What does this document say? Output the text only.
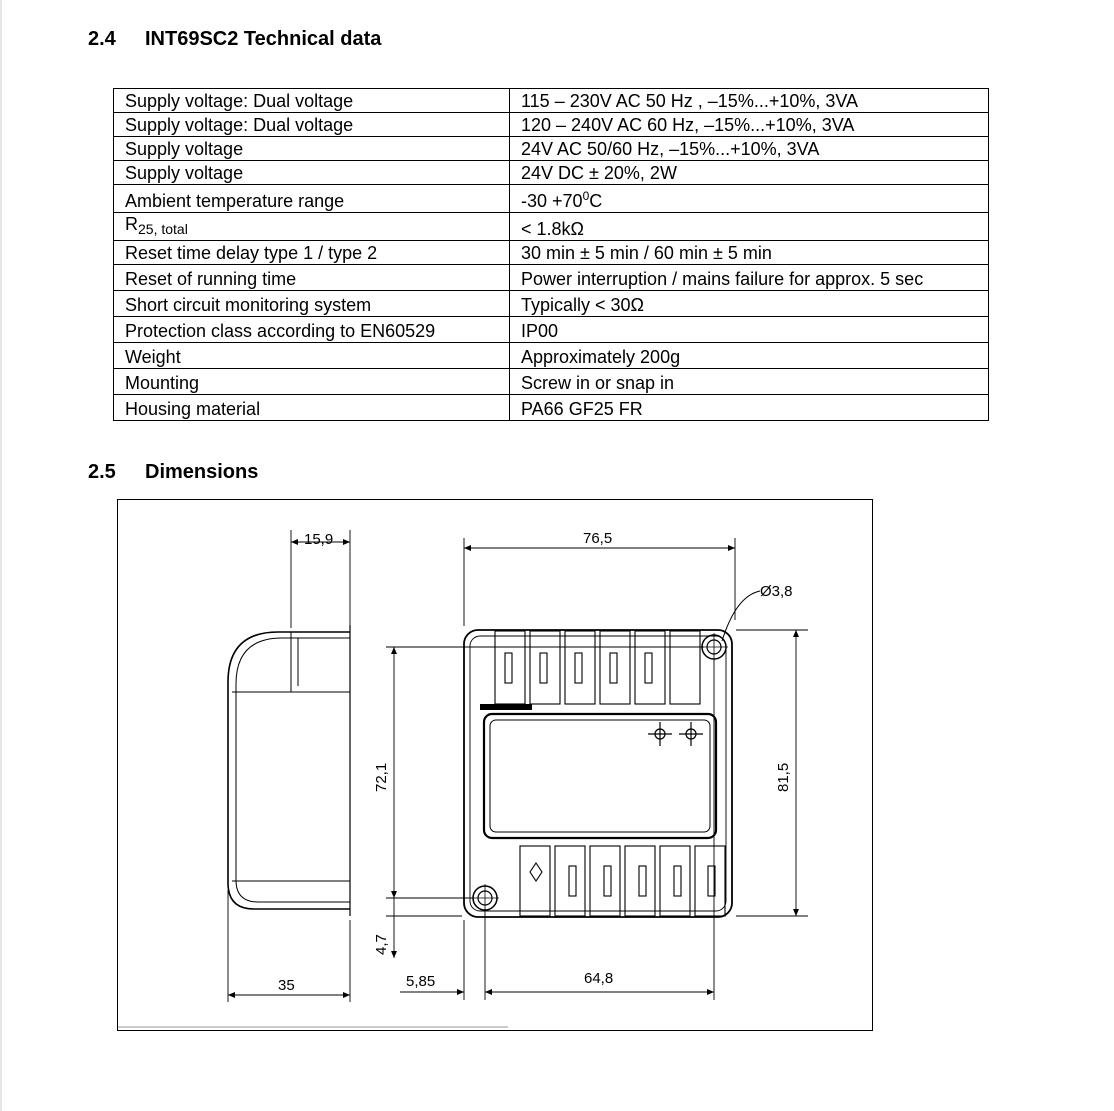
2.4 INT69SC2 Technical data
Supply voltage: Dual voltage	115 – 230V AC 50 Hz , –15%...+10%, 3VA
Supply voltage: Dual voltage	120 – 240V AC 60 Hz, –15%...+10%, 3VA
Supply voltage	24V AC 50/60 Hz, –15%...+10%, 3VA
Supply voltage	24V DC ± 20%, 2W
Ambient temperature range	$-30 +70^0C$
$R_{25, total}$	< 1.8kΩ
Reset time delay type 1 / type 2	30 min ± 5 min / 60 min ± 5 min
Reset of running time	Power interruption / mains failure for approx. 5 sec
Short circuit monitoring system	Typically < 30Ω
Protection class according to EN60529	IP00
Weight	Approximately 200g
Mounting	Screw in or snap in
Housing material	PA66 GF25 FR
2.5 Dimensions
15,9
35
76,5
Ø3,8
64,8
5,85
72,1	81,5
4,7
